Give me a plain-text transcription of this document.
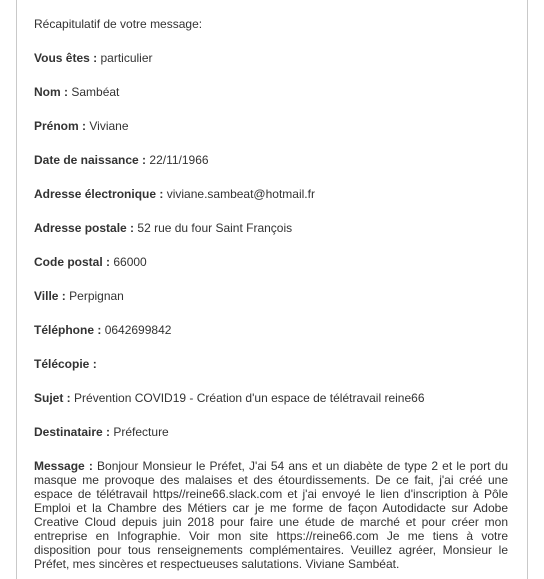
Récapitulatif de votre message:
Vous êtes : particulier
Nom : Sambéat
Prénom : Viviane
Date de naissance : 22/11/1966
Adresse électronique : viviane.sambeat@hotmail.fr
Adresse postale : 52 rue du four Saint François
Code postal : 66000
Ville : Perpignan
Téléphone : 0642699842
Télécopie :
Sujet : Prévention COVID19 - Création d'un espace de télétravail reine66
Destinataire : Préfecture
Message : Bonjour Monsieur le Préfet, J'ai 54 ans et un diabète de type 2 et le port du masque me provoque des malaises et des étourdissements. De ce fait, j'ai créé une espace de télétravail https//reine66.slack.com et j'ai envoyé le lien d'inscription à Pôle Emploi et la Chambre des Métiers car je me forme de façon Autodidacte sur Adobe Creative Cloud depuis juin 2018 pour faire une étude de marché et pour créer mon entreprise en Infographie. Voir mon site https://reine66.com Je me tiens à votre disposition pour tous renseignements complémentaires. Veuillez agréer, Monsieur le Préfet, mes sincères et respectueuses salutations. Viviane Sambéat.
